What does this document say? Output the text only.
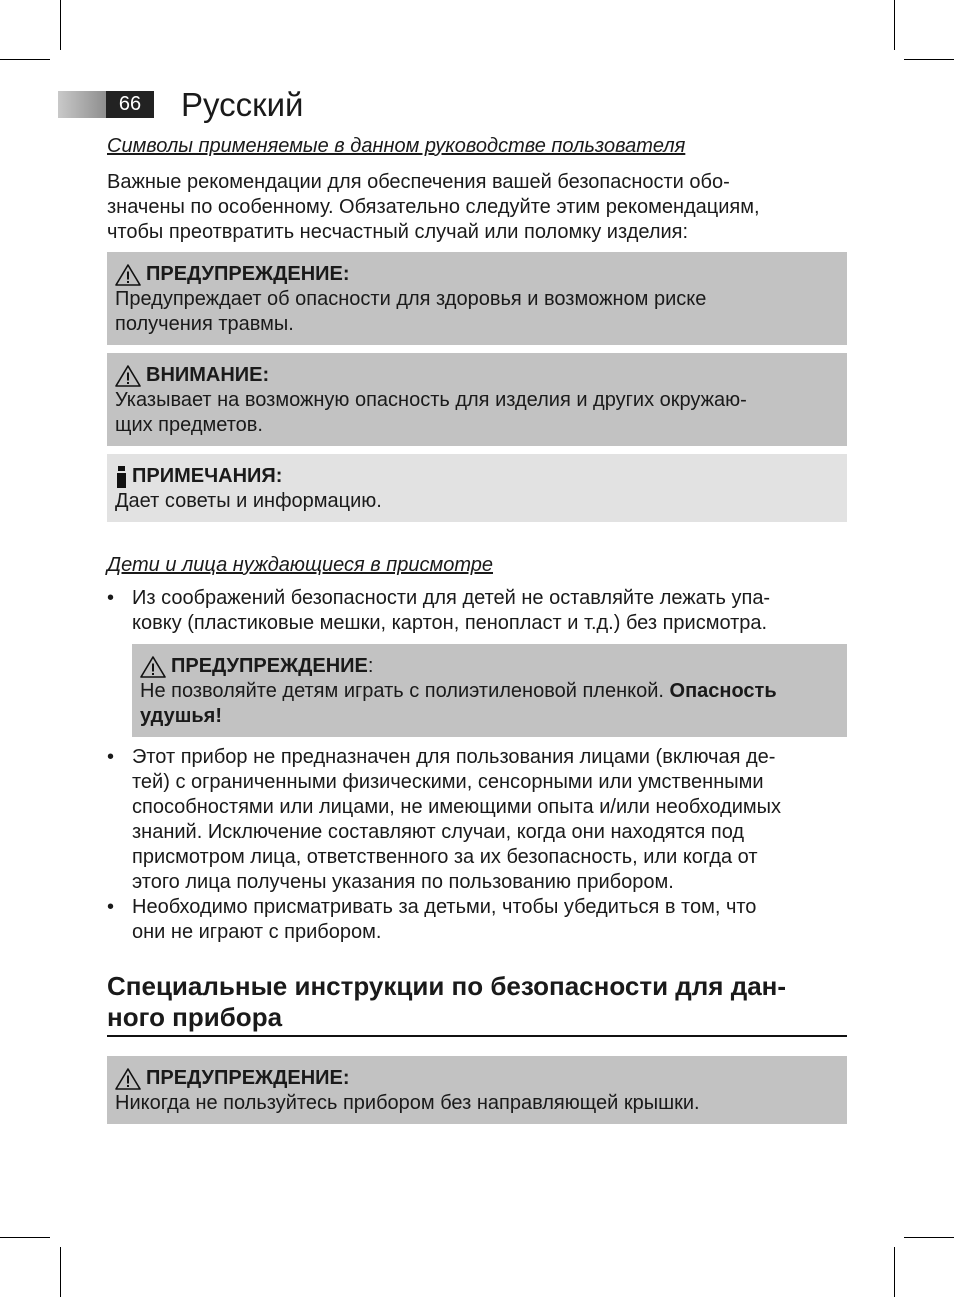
66	Русский

Символы применяемые в данном руководстве пользователя

Важные рекомендации для обеспечения вашей безопасности обо-

значены по особенному. Обязательно следуйте этим рекомендациям,

чтобы преотвратить несчастный случай или поломку изделия:

ПРЕДУПРЕЖДЕНИЕ:
Предупреждает об опасности для здоровья и возможном риске
получения травмы.
ВНИМАНИЕ:
Указывает на возможную опасность для изделия и других окружаю-
щих предметов.
ПРИМЕЧАНИЯ:
Дает советы и информацию.

Дети и лица нуждающиеся в присмотре

• Из соображений безопасности для детей не оставляйте лежать упа-
ковку (пластиковые мешки, картон, пенопласт и т.д.) без присмотра.
ПРЕДУПРЕЖДЕНИЕ :
Не позволяйте детям играть с полиэтиленовой пленкой. Опасность
удушья!
• Этот прибор не предназначен для пользования лицами (включая де-
тей) с ограниченными физическими, сенсорными или умственными
способностями или лицами, не имеющими опыта и/или необходимых
знаний. Исключение составляют случаи, когда они находятся под
присмотром лица, ответственного за их безопасность, или когда от
этого лица получены указания по пользованию прибором.
• Необходимо присматривать за детьми, чтобы убедиться в том, что
они не играют с прибором.
Специальные инструкции по безопасности для дан-
ного прибора
ПРЕДУПРЕЖДЕНИЕ:
Никогда не пользуйтесь прибором без направляющей крышки.
